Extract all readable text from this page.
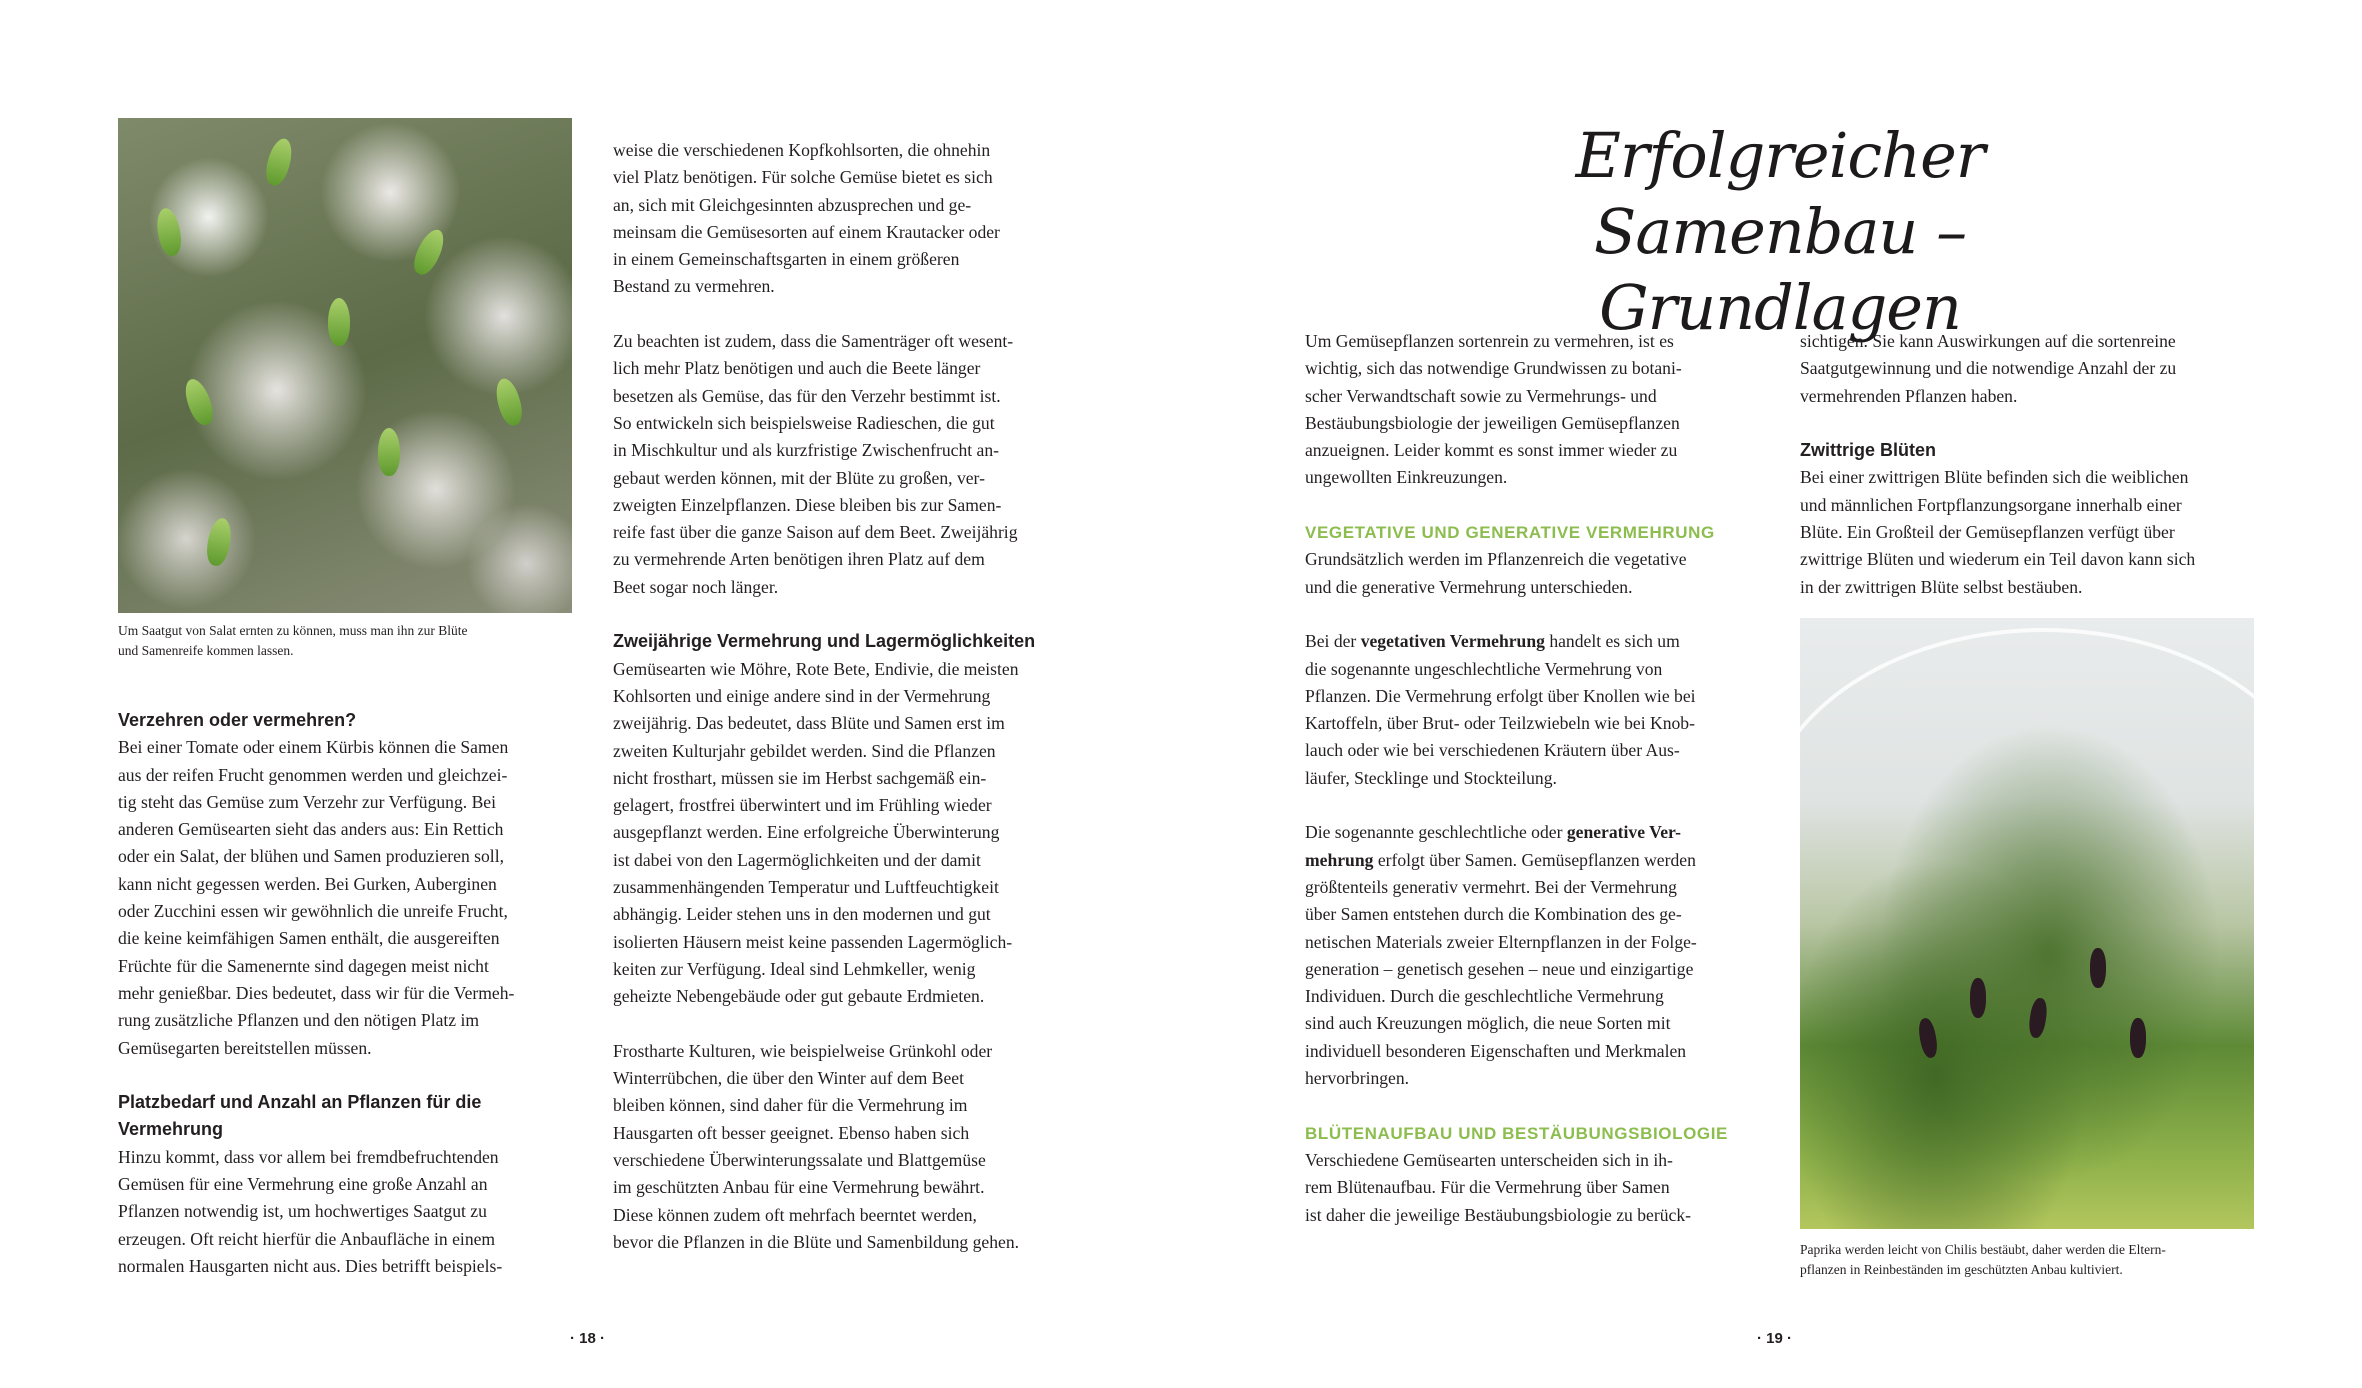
Um Saatgut von Salat ernten zu können, muss man ihn zur Blüte
und Samenreife kommen lassen.
Verzehren oder vermehren?

Bei einer Tomate oder einem Kürbis können die Samen
aus der reifen Frucht genommen werden und gleichzei-
tig steht das Gemüse zum Verzehr zur Verfügung. Bei
anderen Gemüsearten sieht das anders aus: Ein Rettich
oder ein Salat, der blühen und Samen produzieren soll,
kann nicht gegessen werden. Bei Gurken, Auberginen
oder Zucchini essen wir gewöhnlich die unreife Frucht,
die keine keimfähigen Samen enthält, die ausgereiften
Früchte für die Samenernte sind dagegen meist nicht
mehr genießbar. Dies bedeutet, dass wir für die Vermeh-
rung zusätzliche Pflanzen und den nötigen Platz im
Gemüsegarten bereitstellen müssen.

Platzbedarf und Anzahl an Pflanzen für die
Vermehrung

Hinzu kommt, dass vor allem bei fremdbefruchtenden
Gemüsen für eine Vermehrung eine große Anzahl an
Pflanzen notwendig ist, um hochwertiges Saatgut zu
erzeugen. Oft reicht hierfür die Anbaufläche in einem
normalen Hausgarten nicht aus. Dies betrifft beispiels-

weise die verschiedenen Kopfkohlsorten, die ohnehin
viel Platz benötigen. Für solche Gemüse bietet es sich
an, sich mit Gleichgesinnten abzusprechen und ge-
meinsam die Gemüsesorten auf einem Krautacker oder
in einem Gemeinschaftsgarten in einem größeren
Bestand zu vermehren.

Zu beachten ist zudem, dass die Samenträger oft wesent-
lich mehr Platz benötigen und auch die Beete länger
besetzen als Gemüse, das für den Verzehr bestimmt ist.
So entwickeln sich beispielsweise Radieschen, die gut
in Mischkultur und als kurzfristige Zwischenfrucht an-
gebaut werden können, mit der Blüte zu großen, ver-
zweigten Einzelpflanzen. Diese bleiben bis zur Samen-
reife fast über die ganze Saison auf dem Beet. Zweijährig
zu vermehrende Arten benötigen ihren Platz auf dem
Beet sogar noch länger.

Zweijährige Vermehrung und Lagermöglichkeiten

Gemüsearten wie Möhre, Rote Bete, Endivie, die meisten
Kohlsorten und einige andere sind in der Vermehrung
zweijährig. Das bedeutet, dass Blüte und Samen erst im
zweiten Kulturjahr gebildet werden. Sind die Pflanzen
nicht frosthart, müssen sie im Herbst sachgemäß ein-
gelagert, frostfrei überwintert und im Frühling wieder
ausgepflanzt werden. Eine erfolgreiche Überwinterung
ist dabei von den Lagermöglichkeiten und der damit
zusammenhängenden Temperatur und Luftfeuchtigkeit
abhängig. Leider stehen uns in den modernen und gut
isolierten Häusern meist keine passenden Lagermöglich-
keiten zur Verfügung. Ideal sind Lehmkeller, wenig
geheizte Nebengebäude oder gut gebaute Erdmieten.

Frostharte Kulturen, wie beispielweise Grünkohl oder
Winterrübchen, die über den Winter auf dem Beet
bleiben können, sind daher für die Vermehrung im
Hausgarten oft besser geeignet. Ebenso haben sich
verschiedene Überwinterungssalate und Blattgemüse
im geschützten Anbau für eine Vermehrung bewährt.
Diese können zudem oft mehrfach beerntet werden,
bevor die Pflanzen in die Blüte und Samenbildung gehen.

· 18 ·
Erfolgreicher Samenbau –
Grundlagen

Um Gemüsepflanzen sortenrein zu vermehren, ist es
wichtig, sich das notwendige Grundwissen zu botani-
scher Verwandtschaft sowie zu Vermehrungs- und
Bestäubungsbiologie der jeweiligen Gemüsepflanzen
anzueignen. Leider kommt es sonst immer wieder zu
ungewollten Einkreuzungen.

VEGETATIVE UND GENERATIVE VERMEHRUNG

Grundsätzlich werden im Pflanzenreich die vegetative
und die generative Vermehrung unterschieden.

Bei der vegetativen Vermehrung handelt es sich um
die sogenannte ungeschlechtliche Vermehrung von
Pflanzen. Die Vermehrung erfolgt über Knollen wie bei
Kartoffeln, über Brut- oder Teilzwiebeln wie bei Knob-
lauch oder wie bei verschiedenen Kräutern über Aus-
läufer, Stecklinge und Stockteilung.

Die sogenannte geschlechtliche oder generative Ver-
mehrung erfolgt über Samen. Gemüsepflanzen werden
größtenteils generativ vermehrt. Bei der Vermehrung
über Samen entstehen durch die Kombination des ge-
netischen Materials zweier Elternpflanzen in der Folge-
generation – genetisch gesehen – neue und einzigartige
Individuen. Durch die geschlechtliche Vermehrung
sind auch Kreuzungen möglich, die neue Sorten mit
individuell besonderen Eigenschaften und Merkmalen
hervorbringen.

BLÜTENAUFBAU UND BESTÄUBUNGSBIOLOGIE

Verschiedene Gemüsearten unterscheiden sich in ih-
rem Blütenaufbau. Für die Vermehrung über Samen
ist daher die jeweilige Bestäubungsbiologie zu berück-

sichtigen. Sie kann Auswirkungen auf die sortenreine
Saatgutgewinnung und die notwendige Anzahl der zu
vermehrenden Pflanzen haben.

Zwittrige Blüten

Bei einer zwittrigen Blüte befinden sich die weiblichen
und männlichen Fortpflanzungsorgane innerhalb einer
Blüte. Ein Großteil der Gemüsepflanzen verfügt über
zwittrige Blüten und wiederum ein Teil davon kann sich
in der zwittrigen Blüte selbst bestäuben.

Paprika werden leicht von Chilis bestäubt, daher werden die Eltern-
pflanzen in Reinbeständen im geschützten Anbau kultiviert.
· 19 ·
